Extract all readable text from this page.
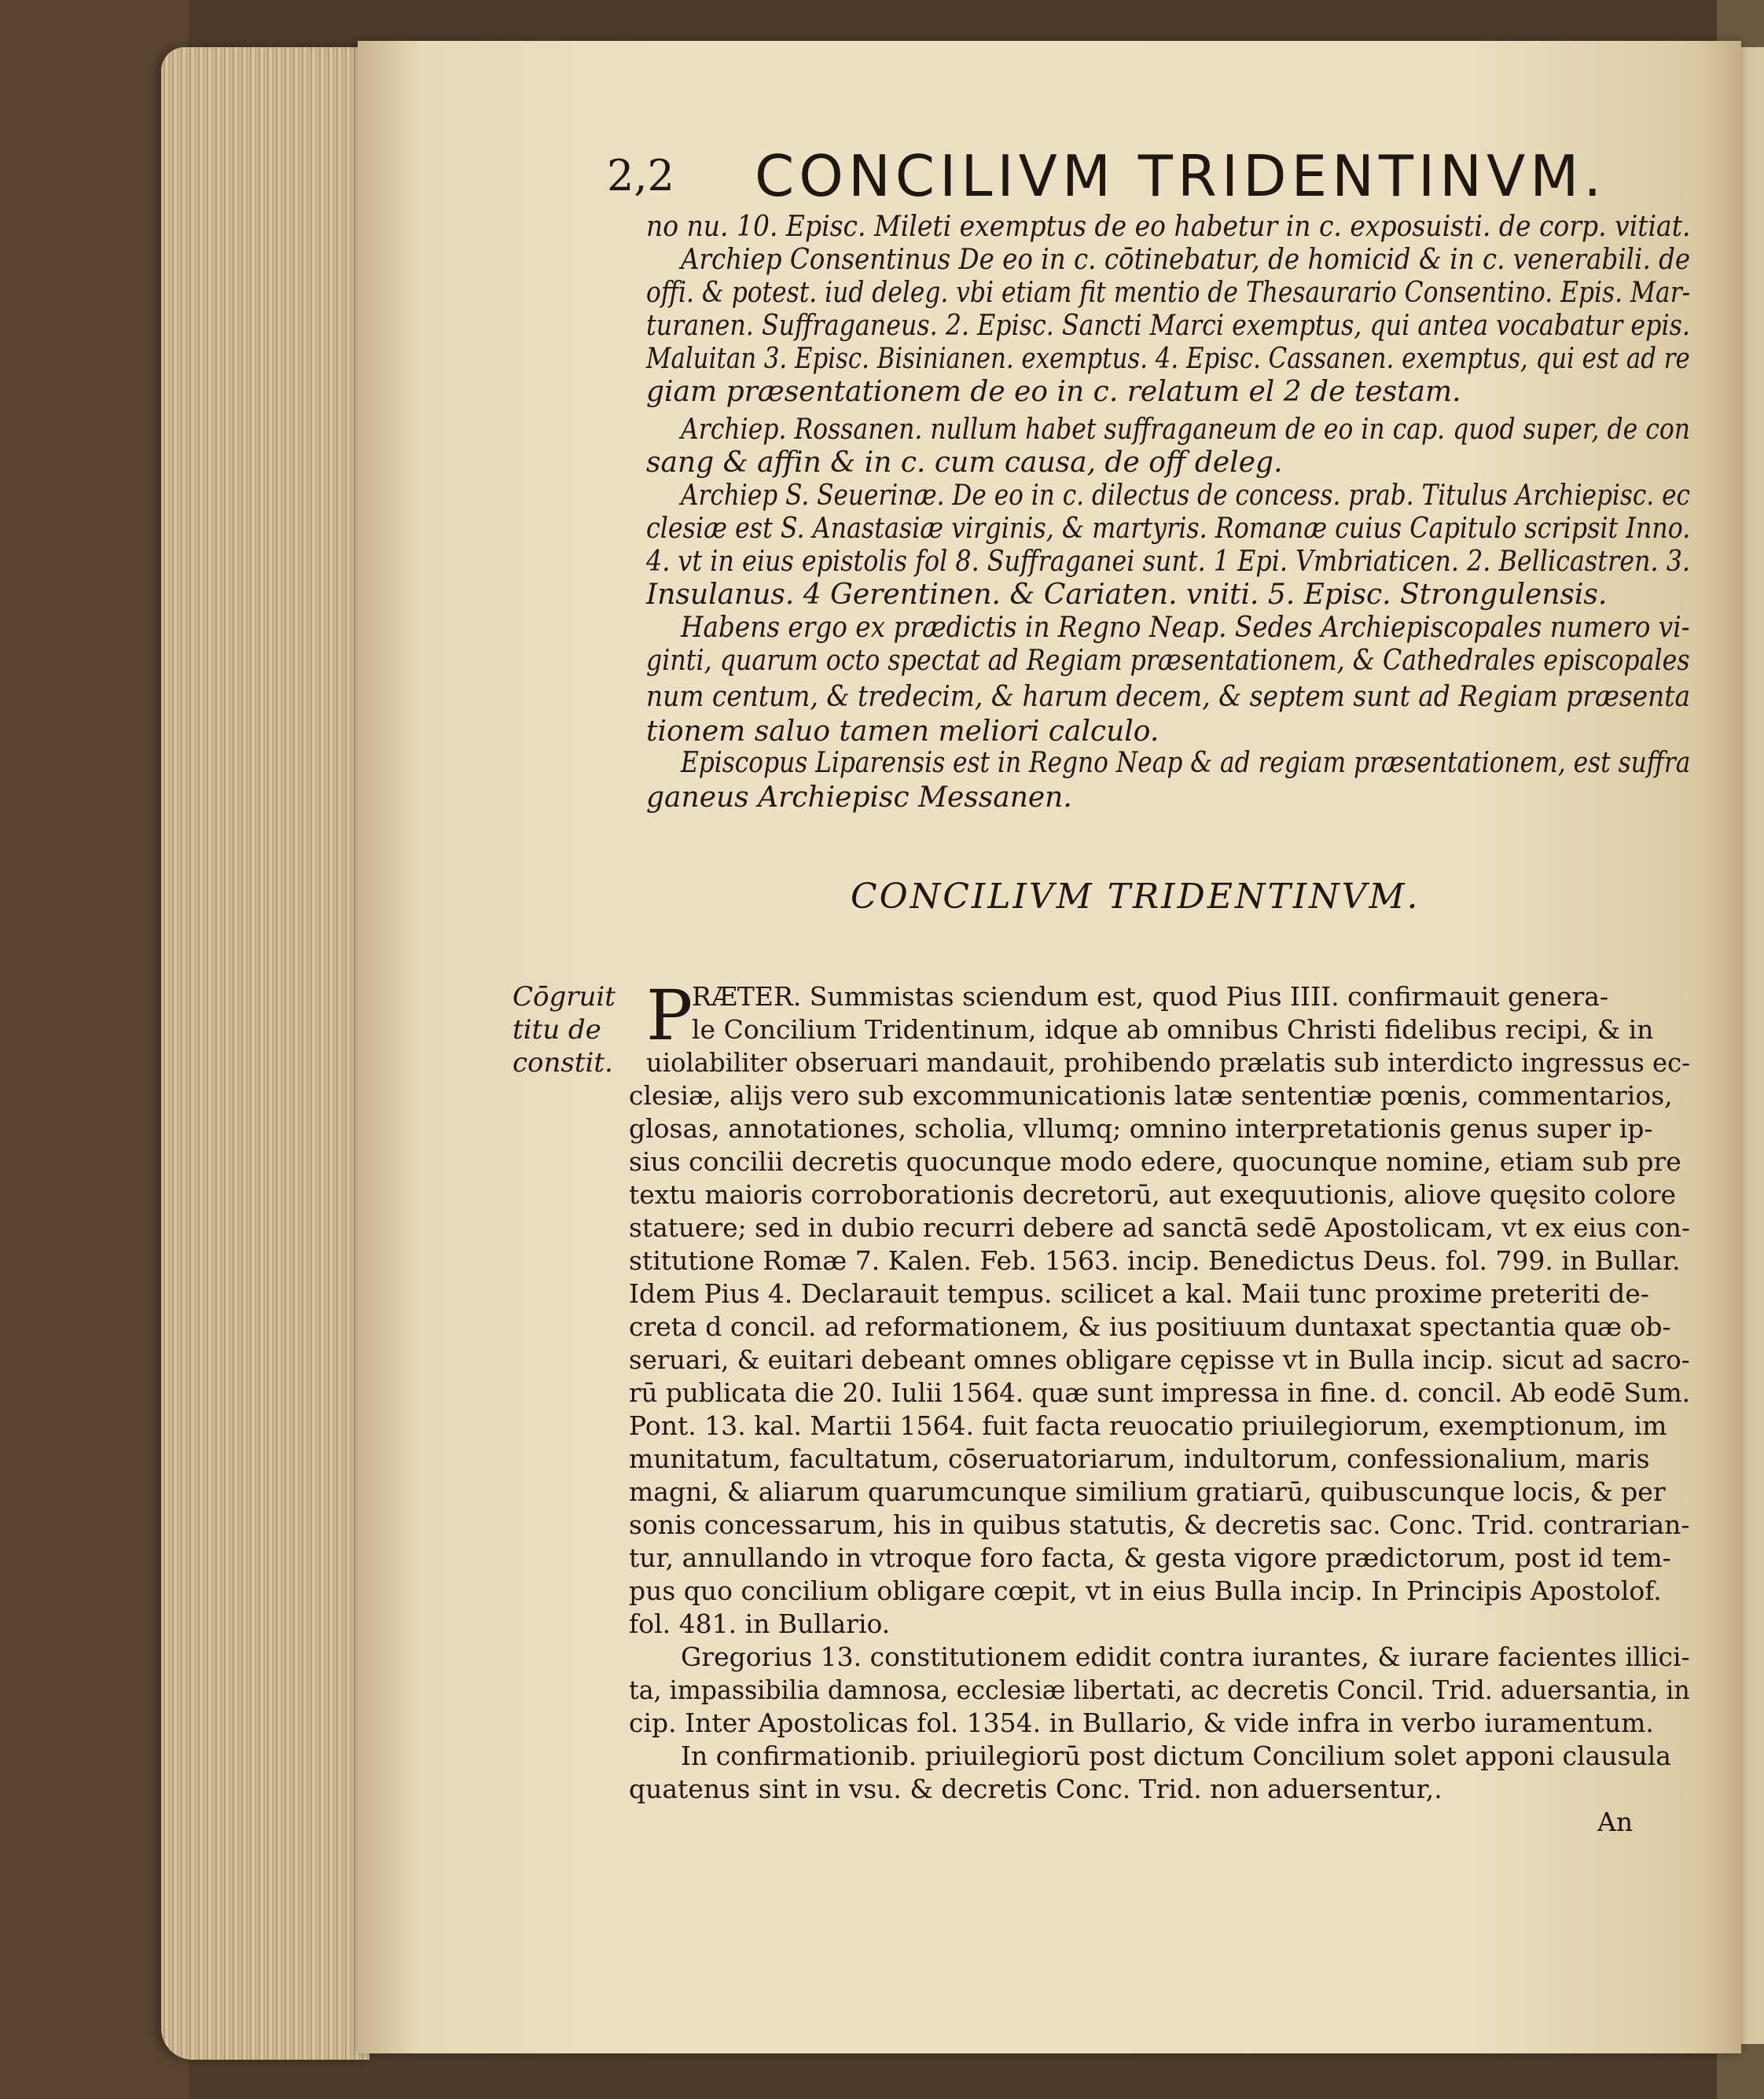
2,2 CONCILIVM TRIDENTINVM.
no nu. 10. Episc. Mileti exemptus de eo habetur in c. exposuisti. de corp. vitiat.
Archiep Consentinus De eo in c. cōtinebatur, de homicid & in c. venerabili. de
offi. & potest. iud deleg. vbi etiam fit mentio de Thesaurario Consentino. Epis. Mar-
turanen. Suffraganeus. 2. Episc. Sancti Marci exemptus, qui antea vocabatur epis.
Maluitan 3. Episc. Bisinianen. exemptus. 4. Episc. Cassanen. exemptus, qui est ad re
giam præsentationem de eo in c. relatum el 2 de testam.
Archiep. Rossanen. nullum habet suffraganeum de eo in cap. quod super, de con
sang & affin & in c. cum causa, de off deleg.
Archiep S. Seuerinæ. De eo in c. dilectus de concess. prab. Titulus Archiepisc. ec
clesiæ est S. Anastasiæ virginis, & martyris. Romanæ cuius Capitulo scripsit Inno.
4. vt in eius epistolis fol 8. Suffraganei sunt. 1 Epi. Vmbriaticen. 2. Bellicastren. 3.
Insulanus. 4 Gerentinen. & Cariaten. vniti. 5. Episc. Strongulensis.
Habens ergo ex prædictis in Regno Neap. Sedes Archiepiscopales numero vi-
ginti, quarum octo spectat ad Regiam præsentationem, & Cathedrales episcopales
num centum, & tredecim, & harum decem, & septem sunt ad Regiam præsenta
tionem saluo tamen meliori calculo.
Episcopus Liparensis est in Regno Neap & ad regiam præsentationem, est suffra
ganeus Archiepisc Messanen.
CONCILIVM TRIDENTINVM.
Cōgruit
titu de
constit.
P
RÆTER. Summistas sciendum est, quod Pius IIII. confirmauit genera-
le Concilium Tridentinum, idque ab omnibus Christi fidelibus recipi, & in
uiolabiliter obseruari mandauit, prohibendo prælatis sub interdicto ingressus ec-
clesiæ, alijs vero sub excommunicationis latæ sententiæ pœnis, commentarios,
glosas, annotationes, scholia, vllumq; omnino interpretationis genus super ip-
sius concilii decretis quocunque modo edere, quocunque nomine, etiam sub pre
textu maioris corroborationis decretorū, aut exequutionis, aliove quęsito colore
statuere; sed in dubio recurri debere ad sanctā sedē Apostolicam, vt ex eius con-
stitutione Romæ 7. Kalen. Feb. 1563. incip. Benedictus Deus. fol. 799. in Bullar.
Idem Pius 4. Declarauit tempus. scilicet a kal. Maii tunc proxime preteriti de-
creta d concil. ad reformationem, & ius positiuum duntaxat spectantia quæ ob-
seruari, & euitari debeant omnes obligare cępisse vt in Bulla incip. sicut ad sacro-
rū publicata die 20. Iulii 1564. quæ sunt impressa in fine. d. concil. Ab eodē Sum.
Pont. 13. kal. Martii 1564. fuit facta reuocatio priuilegiorum, exemptionum, im
munitatum, facultatum, cōseruatoriarum, indultorum, confessionalium, maris
magni, & aliarum quarumcunque similium gratiarū, quibuscunque locis, & per
sonis concessarum, his in quibus statutis, & decretis sac. Conc. Trid. contrarian-
tur, annullando in vtroque foro facta, & gesta vigore prædictorum, post id tem-
pus quo concilium obligare cœpit, vt in eius Bulla incip. In Principis Apostolof.
fol. 481. in Bullario.
Gregorius 13. constitutionem edidit contra iurantes, & iurare facientes illici-
ta, impassibilia damnosa, ecclesiæ libertati, ac decretis Concil. Trid. aduersantia, in
cip. Inter Apostolicas fol. 1354. in Bullario, & vide infra in verbo iuramentum.
In confirmationib. priuilegiorū post dictum Concilium solet apponi clausula
quatenus sint in vsu. & decretis Conc. Trid. non aduersentur,.
An
